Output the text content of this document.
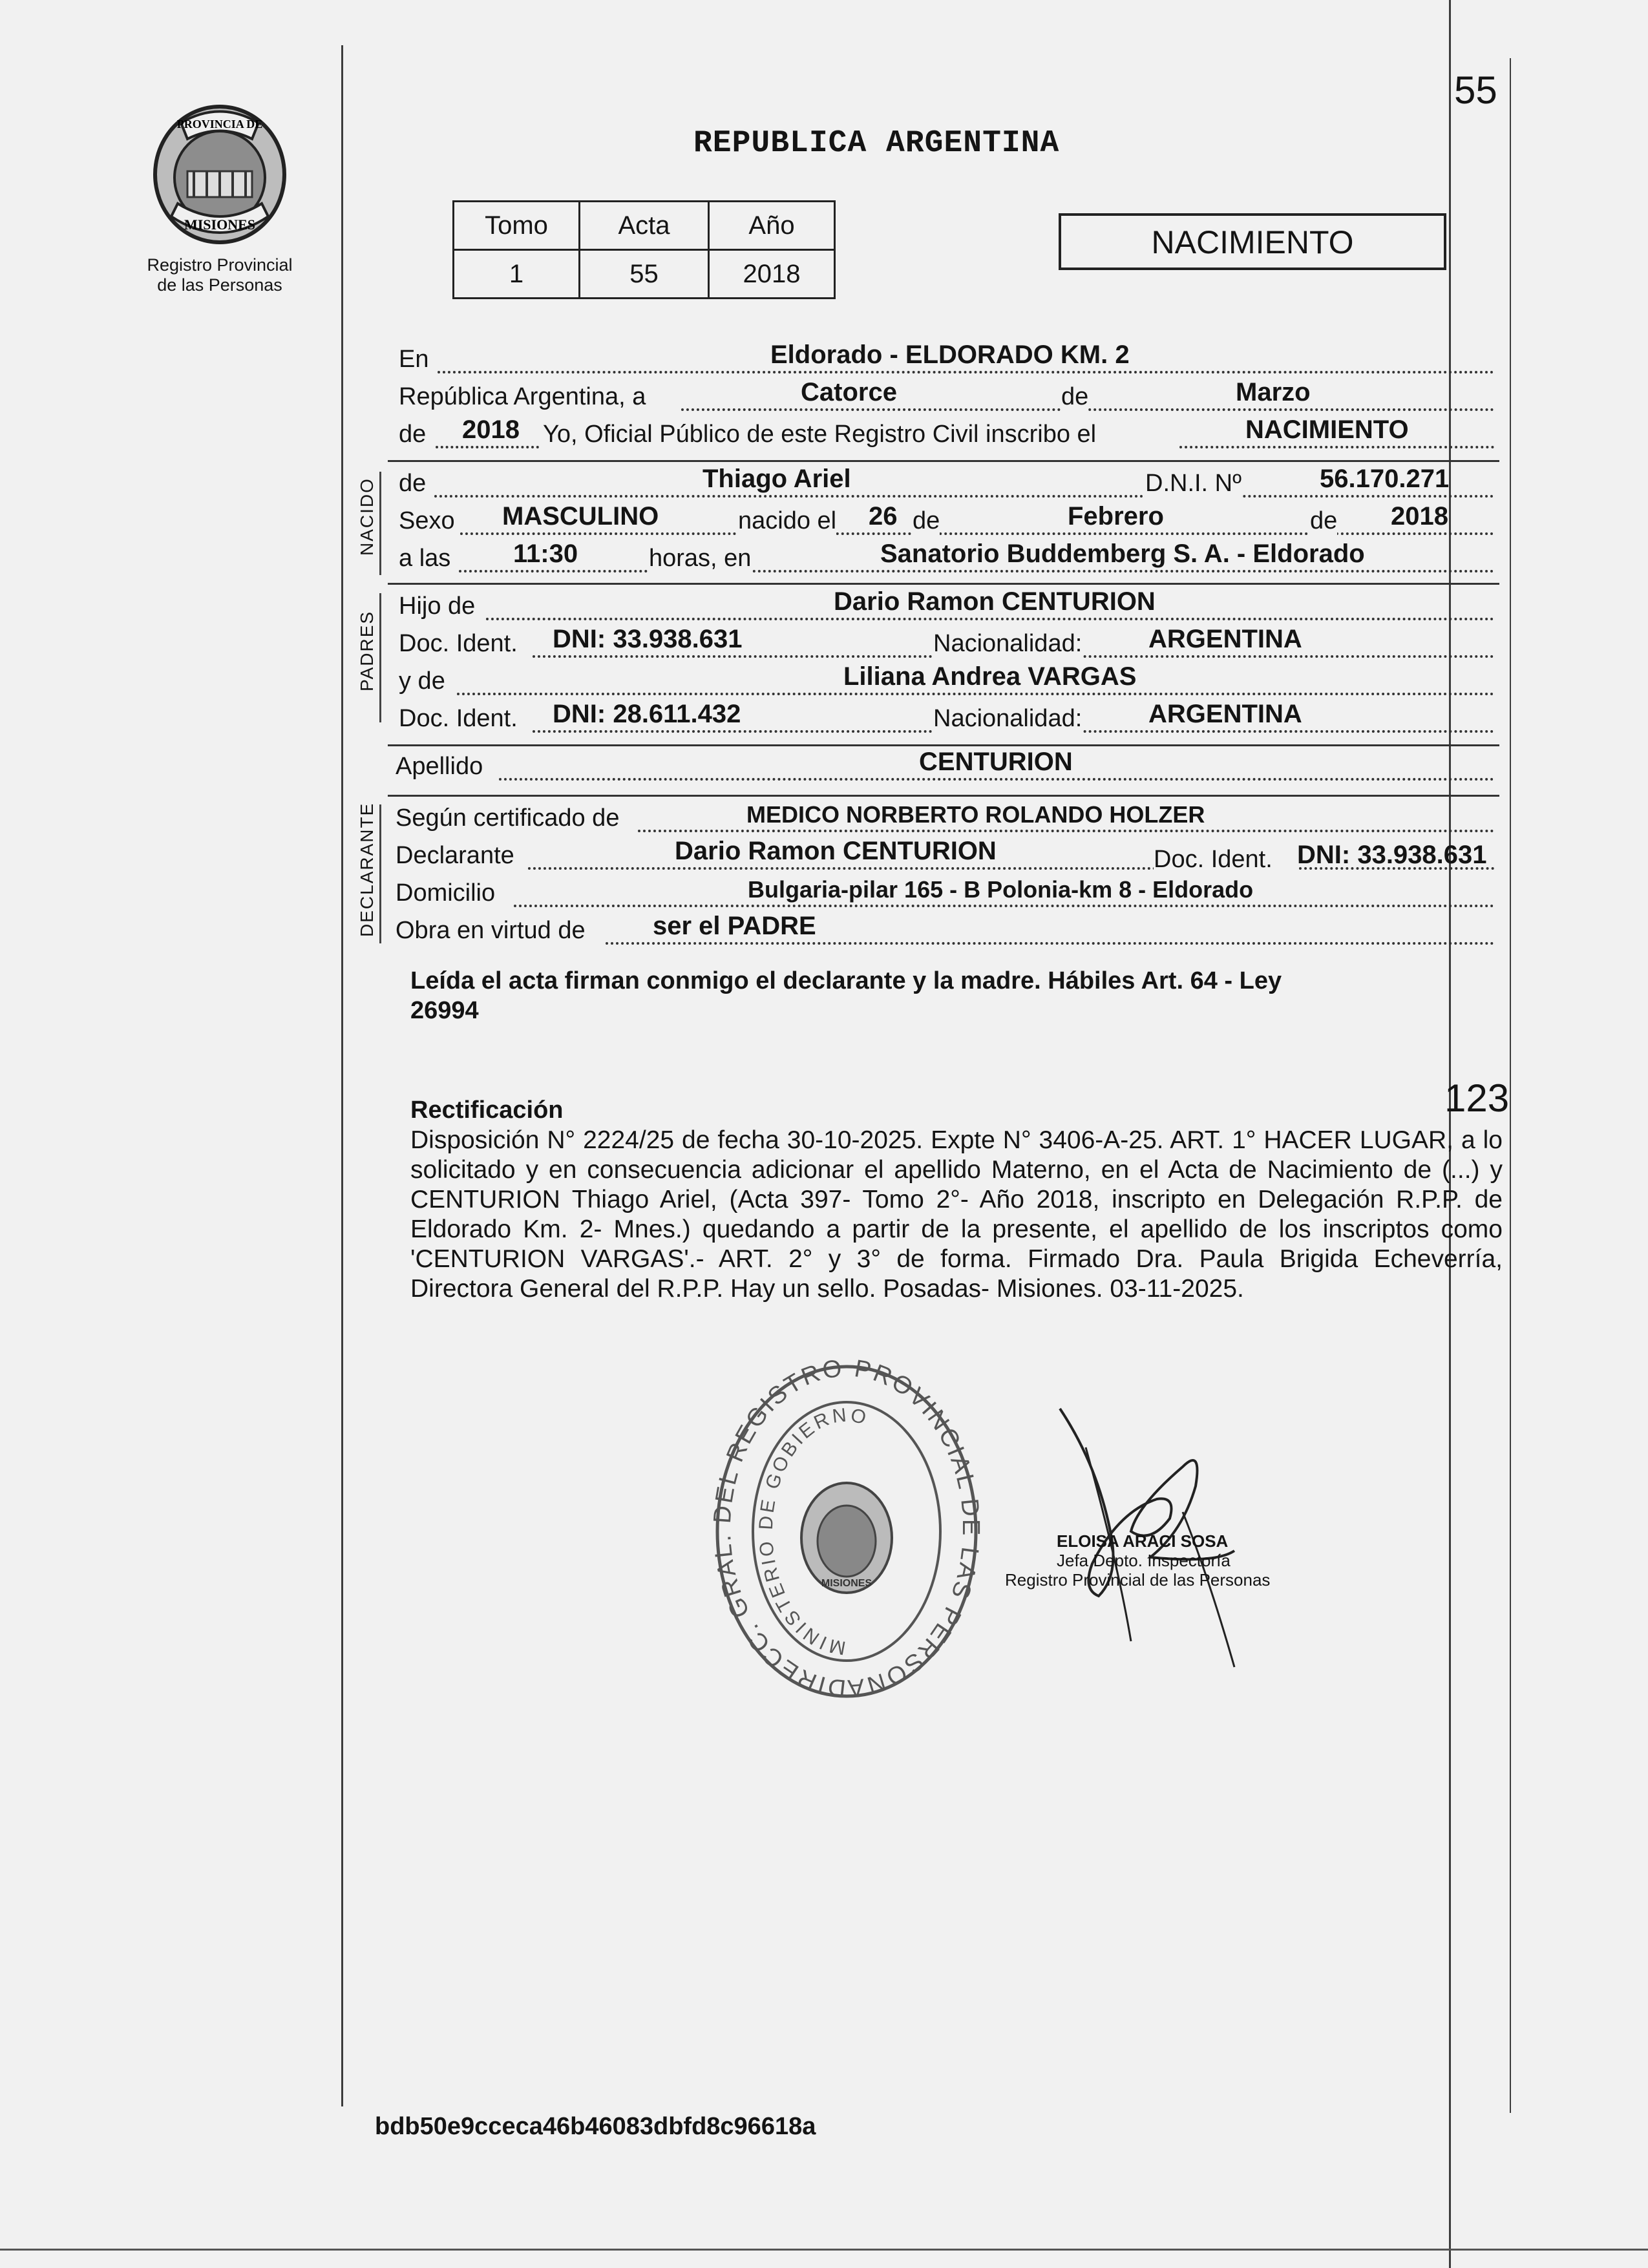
55
PROVINCIA DE
MISIONES
Registro Provincial
de las Personas
REPUBLICA ARGENTINA
Tomo	Acta	Año
1	55	2018
NACIMIENTO
En	Eldorado - ELDORADO KM. 2
República Argentina, a	Catorce	de	Marzo
de 2018 Yo, Oficial Público de este Registro Civil inscribo el	NACIMIENTO
NACIDO de	Thiago Ariel	D.N.I. Nº	56.170.271
Sexo MASCULINO	nacido el 26 de	Febrero	de 2018
a las 11:30	horas, en	Sanatorio Buddemberg S. A. - Eldorado
PADRES
Hijo de	Dario Ramon CENTURION
Doc. Ident. DNI: 33.938.631	Nacionalidad:	ARGENTINA
y de	Liliana Andrea VARGAS
Doc. Ident. DNI: 28.611.432	Nacionalidad:	ARGENTINA
Apellido	CENTURION
DECLARANTE Según certificado de	MEDICO NORBERTO ROLANDO HOLZER
Declarante	Dario Ramon CENTURION	Doc. Ident. DNI: 33.938.631
Domicilio	Bulgaria-pilar 165 - B Polonia-km 8 - Eldorado
Obra en virtud de	ser el PADRE
Leída el acta firman conmigo el declarante y la madre. Hábiles Art. 64 - Ley
26994
123
Rectificación
Disposición N° 2224/25 de fecha 30-10-2025. Expte N° 3406-A-25. ART. 1° HACER LUGAR, a lo solicitado y en consecuencia adicionar el apellido Materno, en el Acta de Nacimiento de (...) y CENTURION Thiago Ariel, (Acta 397- Tomo 2°- Año 2018, inscripto en Delegación R.P.P. de Eldorado Km. 2- Mnes.) quedando a partir de la presente, el apellido de los inscriptos como 'CENTURION VARGAS'.- ART. 2° y 3° de forma. Firmado Dra. Paula Brigida Echeverría, Directora General del R.P.P. Hay un sello. Posadas- Misiones. 03-11-2025.
DIRECC. GRAL. DEL REGISTRO PROVINCIAL DE LAS PERSONA
MINISTERIO DE GOBIERNO
MISIONES
ELOISA ARACI SOSA
Jefa Depto. Inspectoría
Registro Provincial de las Personas
bdb50e9cceca46b46083dbfd8c96618a
